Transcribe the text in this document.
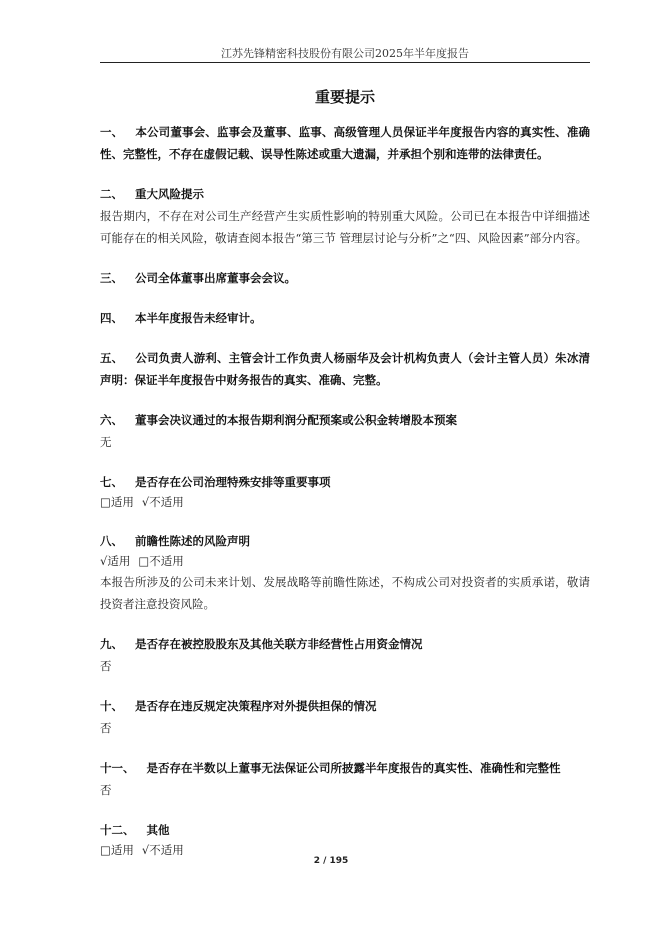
江苏先锋精密科技股份有限公司2025年半年度报告
重要提示
一、 本公司董事会、监事会及董事、监事、高级管理人员保证半年度报告内容的真实性、准确性、完整性，不存在虚假记载、误导性陈述或重大遗漏，并承担个别和连带的法律责任。
二、 重大风险提示
报告期内，不存在对公司生产经营产生实质性影响的特别重大风险。公司已在本报告中详细描述可能存在的相关风险，敬请查阅本报告“第三节 管理层讨论与分析”之“四、风险因素”部分内容。
三、 公司全体董事出席董事会会议。
四、 本半年度报告未经审计。
五、 公司负责人游利、主管会计工作负责人杨丽华及会计机构负责人（会计主管人员）朱冰清声明：保证半年度报告中财务报告的真实、准确、完整。
六、 董事会决议通过的本报告期利润分配预案或公积金转增股本预案
无
七、 是否存在公司治理特殊安排等重要事项
□适用 √不适用
八、 前瞻性陈述的风险声明
√适用 □不适用
本报告所涉及的公司未来计划、发展战略等前瞻性陈述，不构成公司对投资者的实质承诺，敬请投资者注意投资风险。
九、 是否存在被控股股东及其他关联方非经营性占用资金情况
否
十、 是否存在违反规定决策程序对外提供担保的情况
否
十一、 是否存在半数以上董事无法保证公司所披露半年度报告的真实性、准确性和完整性
否
十二、 其他
□适用 √不适用
2 / 195
